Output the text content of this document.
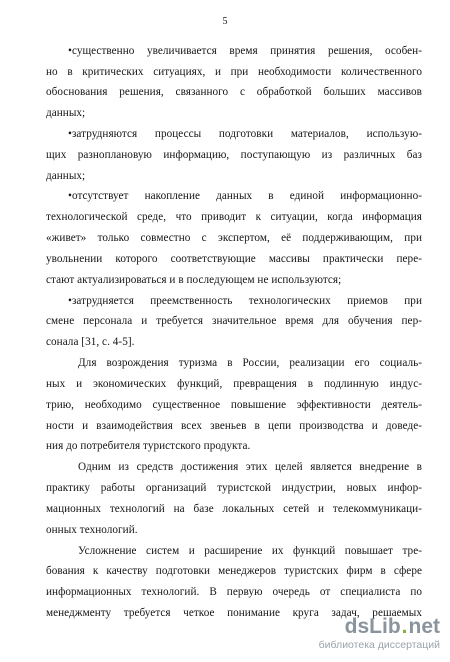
5
•существенно увеличивается время принятия решения, особен-
но в критических ситуациях, и при необходимости количественного
обоснования решения, связанного с обработкой больших массивов
данных;
•затрудняются процессы подготовки материалов, использую-
щих разноплановую информацию, поступающую из различных баз
данных;
•отсутствует накопление данных в единой информационно-
технологической среде, что приводит к ситуации, когда информация
«живет» только совместно с экспертом, её поддерживающим, при
увольнении которого соответствующие массивы практически пере-
стают актуализироваться и в последующем не используются;
•затрудняется преемственность технологических приемов при
смене персонала и требуется значительное время для обучения пер-
сонала [31, с. 4-5].
Для возрождения туризма в России, реализации его социаль-
ных и экономических функций, превращения в подлинную индус-
трию, необходимо существенное повышение эффективности деятель-
ности и взаимодействия всех звеньев в цепи производства и доведе-
ния до потребителя туристского продукта.
Одним из средств достижения этих целей является внедрение в
практику работы организаций туристской индустрии, новых инфор-
мационных технологий на базе локальных сетей и телекоммуникаци-
онных технологий.
Усложнение систем и расширение их функций повышает тре-
бования к качеству подготовки менеджеров туристских фирм в сфере
информационных технологий. В первую очередь от специалиста по
менеджменту требуется четкое понимание круга задач, решаемых
dsLib . net
библиотека диссертаций
